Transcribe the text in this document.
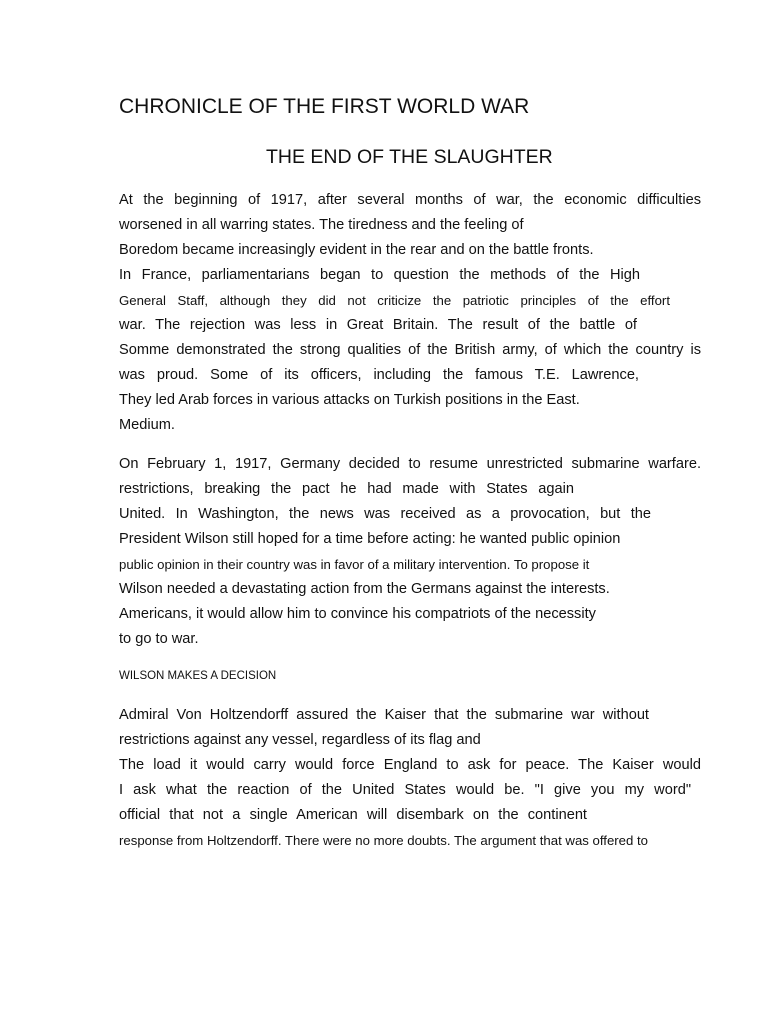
CHRONICLE OF THE FIRST WORLD WAR
THE END OF THE SLAUGHTER
At the beginning of 1917, after several months of war, the economic difficulties
worsened in all warring states. The tiredness and the feeling of
Boredom became increasingly evident in the rear and on the battle fronts.
In France, parliamentarians began to question the methods of the High
General Staff, although they did not criticize the patriotic principles of the effort
war. The rejection was less in Great Britain. The result of the battle of
Somme demonstrated the strong qualities of the British army, of which the country is
was proud. Some of its officers, including the famous T.E. Lawrence,
They led Arab forces in various attacks on Turkish positions in the East.
Medium.
On February 1, 1917, Germany decided to resume unrestricted submarine warfare.
restrictions, breaking the pact he had made with States again
United. In Washington, the news was received as a provocation, but the
President Wilson still hoped for a time before acting: he wanted public opinion
public opinion in their country was in favor of a military intervention. To propose it
Wilson needed a devastating action from the Germans against the interests.
Americans, it would allow him to convince his compatriots of the necessity
to go to war.
WILSON MAKES A DECISION
Admiral Von Holtzendorff assured the Kaiser that the submarine war without
restrictions against any vessel, regardless of its flag and
The load it would carry would force England to ask for peace. The Kaiser would
I ask what the reaction of the United States would be. "I give you my word"
official that not a single American will disembark on the continent
response from Holtzendorff. There were no more doubts. The argument that was offered to
